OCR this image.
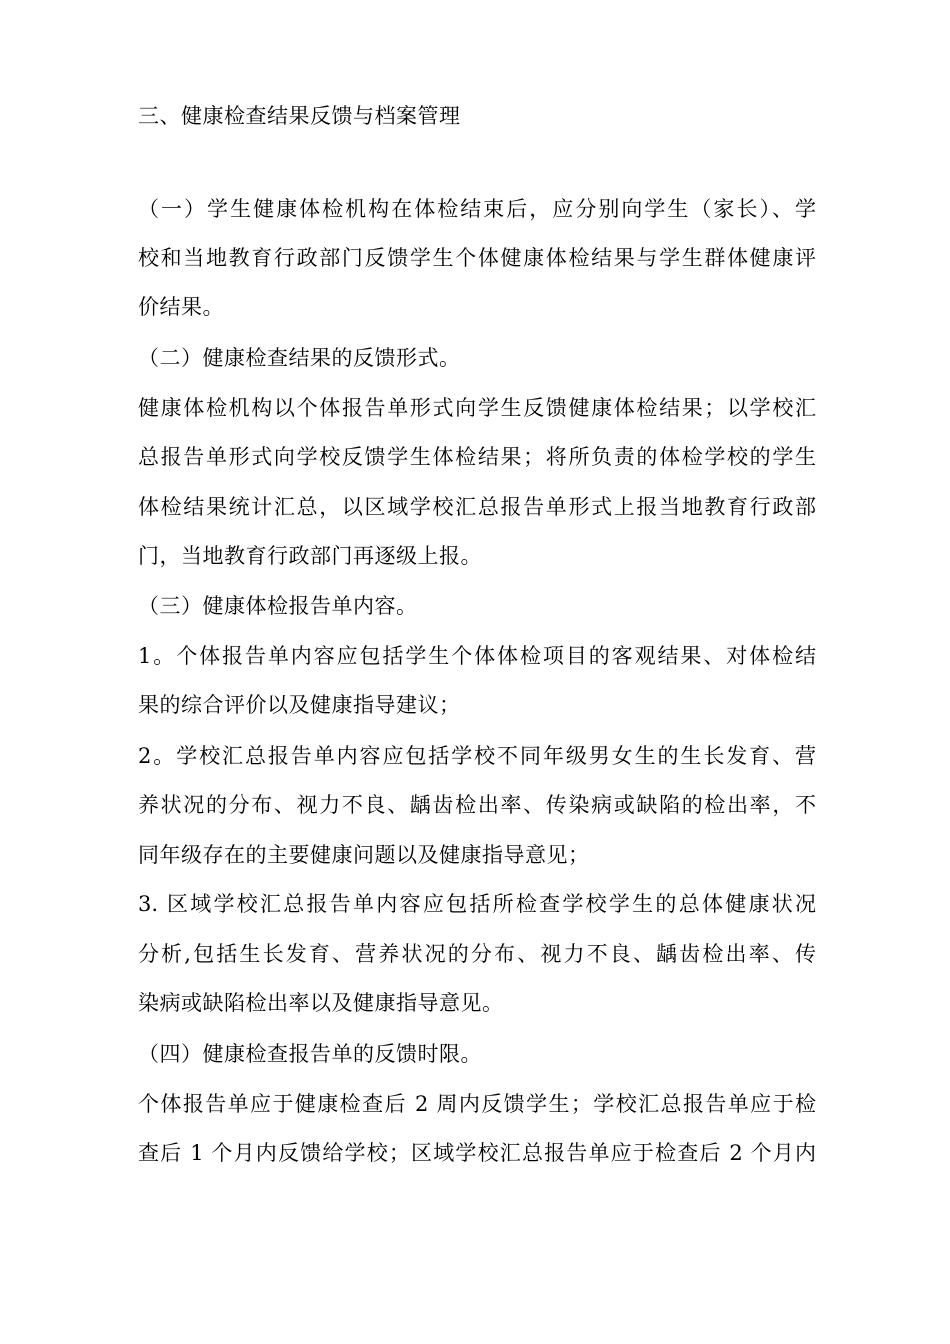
三、健康检查结果反馈与档案管理
（一）学生健康体检机构在体检结束后，应分别向学生（家长）、学
校和当地教育行政部门反馈学生个体健康体检结果与学生群体健康评
价结果。
（二）健康检查结果的反馈形式。
健康体检机构以个体报告单形式向学生反馈健康体检结果；以学校汇
总报告单形式向学校反馈学生体检结果；将所负责的体检学校的学生
体检结果统计汇总，以区域学校汇总报告单形式上报当地教育行政部
门，当地教育行政部门再逐级上报。
（三）健康体检报告单内容。
1。个体报告单内容应包括学生个体体检项目的客观结果、对体检结
果的综合评价以及健康指导建议；
2。学校汇总报告单内容应包括学校不同年级男女生的生长发育、营
养状况的分布、视力不良、龋齿检出率、传染病或缺陷的检出率，不
同年级存在的主要健康问题以及健康指导意见；
3. 区域学校汇总报告单内容应包括所检查学校学生的总体健康状况
分析,包括生长发育、营养状况的分布、视力不良、龋齿检出率、传
染病或缺陷检出率以及健康指导意见。
（四）健康检查报告单的反馈时限。
个体报告单应于健康检查后 2 周内反馈学生；学校汇总报告单应于检
查后 1 个月内反馈给学校；区域学校汇总报告单应于检查后 2 个月内
